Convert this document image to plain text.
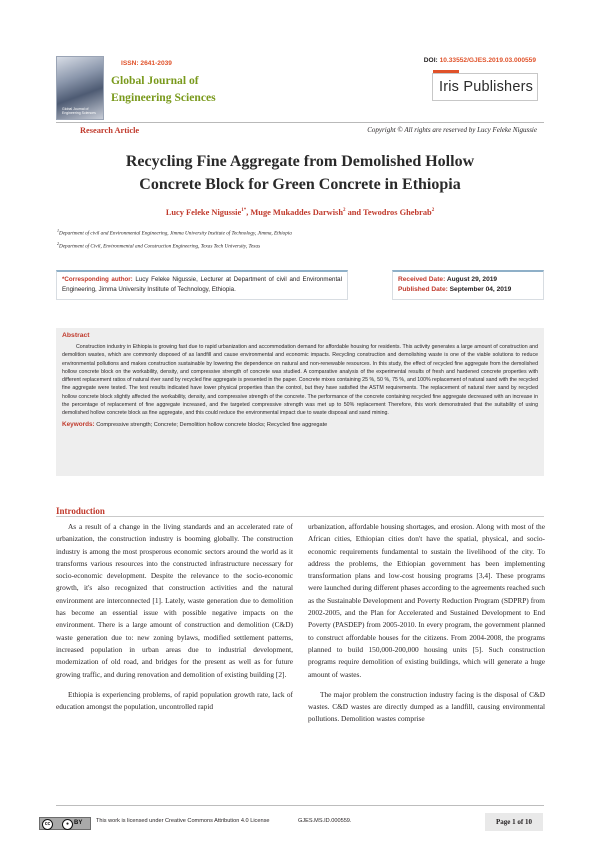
Global Journal of Engineering Sciences
ISSN: 2641-2039
Global Journal of
Engineering Sciences
DOI: 10.33552/GJES.2019.03.000559
Iris Publishers
Research Article	Copyright © All rights are reserved by Lucy Feleke Nigussie
Recycling Fine Aggregate from Demolished Hollow
Concrete Block for Green Concrete in Ethiopia
Lucy Feleke Nigussie$^{1*}$, Muge Mukaddes Darwish$^2$ and Tewodros Ghebrab$^2$
$^1$Department of civil and Environmental Engineering, Jimma University Institute of Technology, Jimma, Ethiopia
$^2$Department of Civil, Environmental and Construction Engineering, Texas Tech University, Texas
*Corresponding author: Lucy Feleke Nigussie, Lecturer at Department of civil and Environmental Engineering, Jimma University Institute of Technology, Ethiopia.
Received Date: August 29, 2019
Published Date: September 04, 2019
Abstract
Construction industry in Ethiopia is growing fast due to rapid urbanization and accommodation demand for affordable housing for residents. This activity generates a large amount of construction and demolition wastes, which are commonly disposed of as landfill and cause environmental and economic impacts. Recycling construction and demolishing waste is one of the viable solutions to reduce environmental pollutions and makes construction sustainable by lowering the dependence on natural and non-renewable resources. In this study, the effect of recycled fine aggregate from the demolished hollow concrete block on the workability, density, and compressive strength of concrete was studied. A comparative analysis of the experimental results of fresh and hardened concrete properties with different replacement ratios of natural river sand by recycled fine aggregate is presented in the paper. Concrete mixes containing 25 %, 50 %, 75 %, and 100% replacement of natural sand with the recycled fine aggregate were tested. The test results indicated have lower physical properties than the control, but they have satisfied the ASTM requirements. The replacement of natural river sand by recycled hollow concrete block slightly affected the workability, density, and compressive strength of the concrete. The performance of the concrete containing recycled fine aggregate decreased with an increase in the percentage of replacement of fine aggregate increased, and the targeted compressive strength was met up to 50% replacement Therefore, this work demonstrated that the suitability of using demolished hollow concrete block as fine aggregate, and this could reduce the environmental impact due to waste disposal and sand mining.
Keywords: Compressive strength; Concrete; Demolition hollow concrete blocks; Recycled fine aggregate
Introduction

As a result of a change in the living standards and an accelerated rate of urbanization, the construction industry is booming globally. The construction industry is among the most prosperous economic sectors around the world as it transforms various resources into the constructed infrastructure necessary for socio-economic development. Despite the relevance to the socio-economic growth, it's also recognized that construction activities and the natural environment are interconnected [1]. Lately, waste generation due to demolition has become an essential issue with possible negative impacts on the environment. There is a large amount of construction and demolition (C&D) waste generation due to: new zoning bylaws, modified settlement patterns, increased population in urban areas due to industrial development, modernization of old road, and bridges for the present as well as for future growing traffic, and during renovation and demolition of existing building [2].

Ethiopia is experiencing problems, of rapid population growth rate, lack of education amongst the population, uncontrolled rapid

urbanization, affordable housing shortages, and erosion. Along with most of the African cities, Ethiopian cities don't have the spatial, physical, and socio-economic requirements fundamental to sustain the livelihood of the city. To address the problems, the Ethiopian government has been implementing transformation plans and low-cost housing programs [3,4]. These programs were launched during different phases according to the agreements reached such as the Sustainable Development and Poverty Reduction Program (SDPRP) from 2002-2005, and the Plan for Accelerated and Sustained Development to End Poverty (PASDEP) from 2005-2010. In every program, the government planned to construct affordable houses for the citizens. From 2004-2008, the programs planned to build 150,000-200,000 housing units [5]. Such construction programs require demolition of existing buildings, which will generate a huge amount of wastes.

The major problem the construction industry facing is the disposal of C&D wastes. C&D wastes are directly dumped as a landfill, causing environmental pollutions. Demolition wastes comprise

cc	● BY This work is licensed under Creative Commons Attribution 4.0 License	GJES.MS.ID.000559.	Page 1 of 10
